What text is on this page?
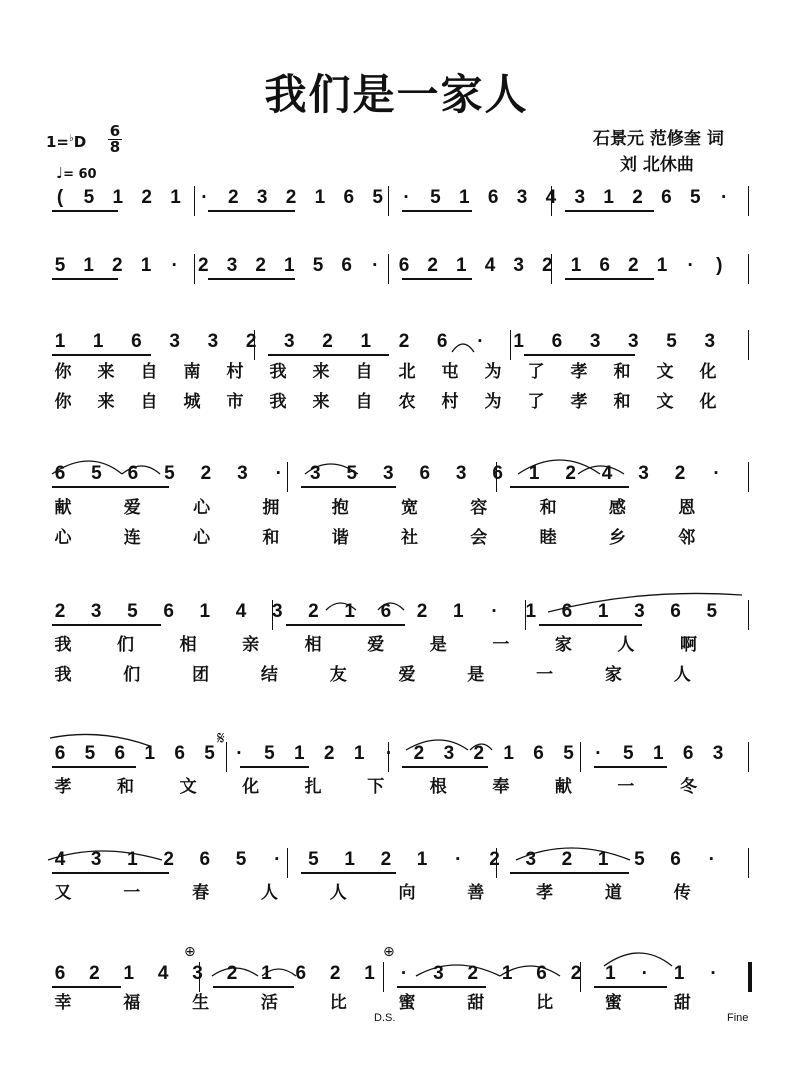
我们是一家人
石景元 范修奎 词
刘 北休曲
1=♭D
6
8
♩= 60
( 5 1 2 1 · 2 3 2 1 6 5 · 5 1 6 3 4 3 1 2 6 5 ·
5 1 2 1 · 2 3 2 1 5 6 · 6 2 1 4 3 2 1 6 2 1 · )
1 1 6 3 3 2 3 2 1 2 6 · 1 6 3 3 5 3
你 来 自 南 村 我 来 自 北 屯 为 了 孝 和 文 化
你 来 自 城 市 我 来 自 农 村 为 了 孝 和 文 化
6 5 6 5 2 3 · 3 5 3 6 3 6 1 2 4 3 2 ·
献	爱	心	拥	抱	宽	容	和	感	恩
心	连	心	和	谐	社	会	睦	乡	邻
2 3 5 6 1 4 3 2 1 6 2 1 · 1 6 1 3 6 5
我	们	相	亲	相	爱	是	一	家	人	啊
我	们	团	结	友	爱	是	一	家	人
6 5 6 1 6 5 · 5 1 2 1 · 2 3 2 1 6 5 · 5 1 6 3
孝	和	文	化	扎	下	根	奉	献	一	冬
4 3 1 2 6 5 · 5 1 2 1 · 2 3 2 1 5 6 ·
又	一	春	人	人	向	善	孝	道	传
6 2 1 4 3 2 1 6 2 1 · 3 2 1 6 2 1 · 1 ·
幸	福	生	活	比	蜜	甜	比	蜜	甜
D.S.	Fine
𝄋
⊕	⊕
